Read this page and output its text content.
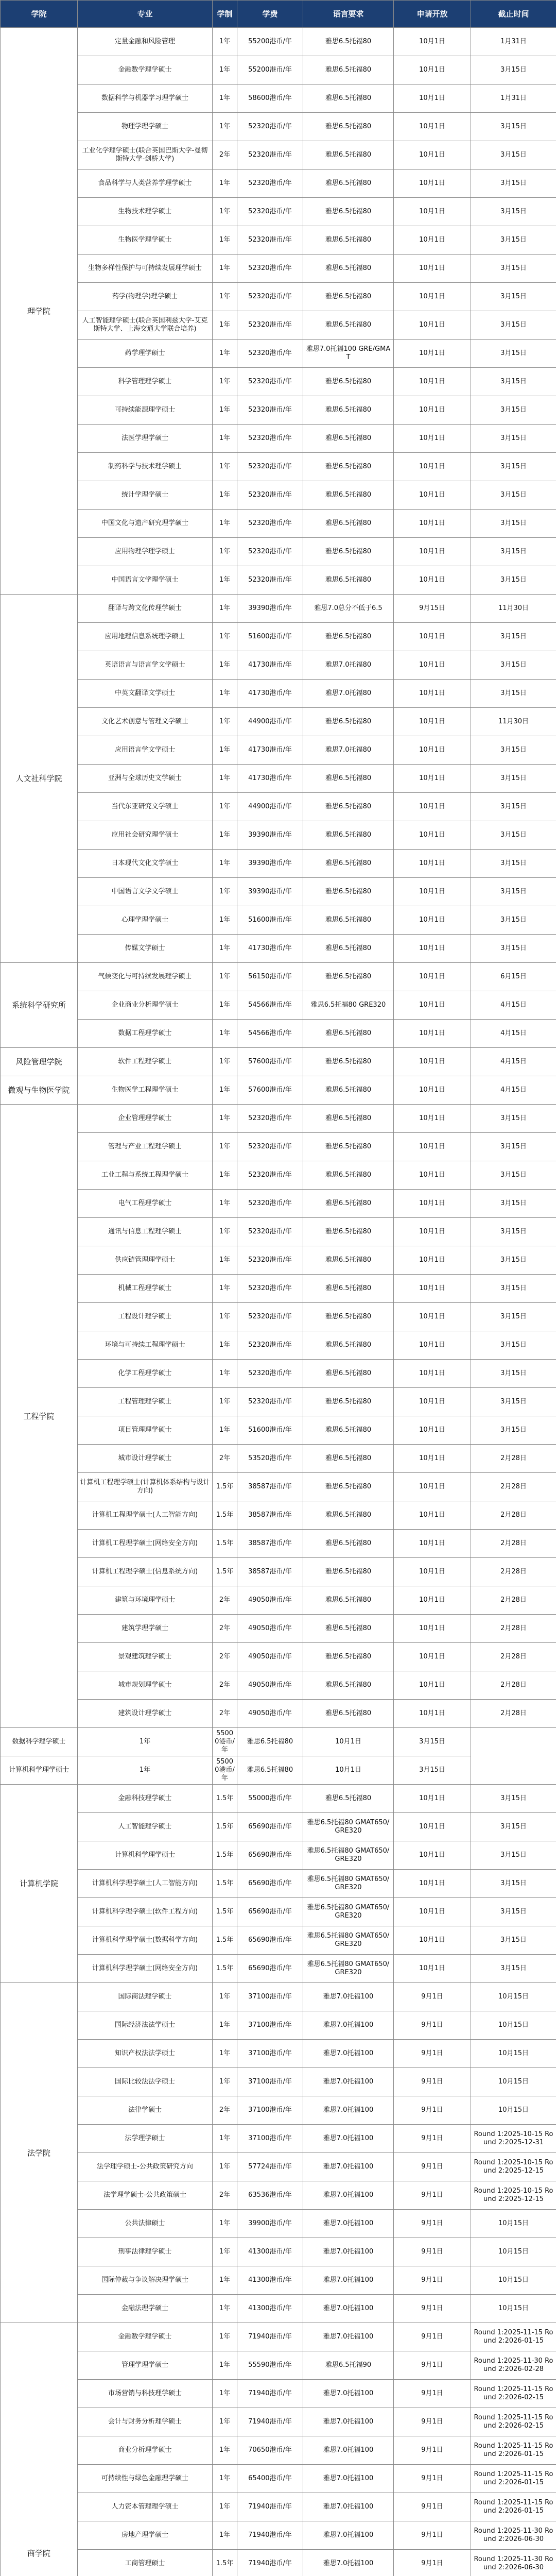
学院	专业	学制	学费	语言要求	申请开放	截止时间
理学院	定量金融和风险管理	1年	55200港币/年	雅思6.5托福80	10月1日	1月31日
	金融数学理学硕士	1年	55200港币/年	雅思6.5托福80	10月1日	3月15日
	数据科学与机器学习理学硕士	1年	58600港币/年	雅思6.5托福80	10月1日	1月31日
	物理学理学硕士	1年	52320港币/年	雅思6.5托福80	10月1日	3月15日
	工业化学理学硕士(联合英国巴斯大学-曼彻斯特大学-剑桥大学)	2年	52320港币/年	雅思6.5托福80	10月1日	3月15日
	食品科学与人类营养学理学硕士	1年	52320港币/年	雅思6.5托福80	10月1日	3月15日
	生物技术理学硕士	1年	52320港币/年	雅思6.5托福80	10月1日	3月15日
	生物医学理学硕士	1年	52320港币/年	雅思6.5托福80	10月1日	3月15日
	生物多样性保护与可持续发展理学硕士	1年	52320港币/年	雅思6.5托福80	10月1日	3月15日
	药学(物理学)理学硕士	1年	52320港币/年	雅思6.5托福80	10月1日	3月15日
	人工智能理学硕士(联合英国利兹大学-艾克斯特大学、上海交通大学联合培养)	1年	52320港币/年	雅思6.5托福80	10月1日	3月15日
	药学理学硕士	1年	52320港币/年	雅思7.0托福100 GRE/GMAT	10月1日	3月15日
	科学管理理学硕士	1年	52320港币/年	雅思6.5托福80	10月1日	3月15日
	可持续能源理学硕士	1年	52320港币/年	雅思6.5托福80	10月1日	3月15日
	法医学理学硕士	1年	52320港币/年	雅思6.5托福80	10月1日	3月15日
	制药科学与技术理学硕士	1年	52320港币/年	雅思6.5托福80	10月1日	3月15日
	统计学理学硕士	1年	52320港币/年	雅思6.5托福80	10月1日	3月15日
	中国文化与遗产研究理学硕士	1年	52320港币/年	雅思6.5托福80	10月1日	3月15日
	应用物理学理学硕士	1年	52320港币/年	雅思6.5托福80	10月1日	3月15日
	中国语言文学理学硕士	1年	52320港币/年	雅思6.5托福80	10月1日	3月15日
人文社科学院	翻译与跨文化传理学硕士	1年	39390港币/年	雅思7.0总分不低于6.5	9月15日	11月30日
	应用地理信息系统理学硕士	1年	51600港币/年	雅思6.5托福80	10月1日	3月15日
	英语语言与语言学文学硕士	1年	41730港币/年	雅思7.0托福80	10月1日	3月15日
	中英文翻译文学硕士	1年	41730港币/年	雅思7.0托福80	10月1日	3月15日
	文化艺术创意与管理文学硕士	1年	44900港币/年	雅思6.5托福80	10月1日	11月30日
	应用语言学文学硕士	1年	41730港币/年	雅思7.0托福80	10月1日	3月15日
	亚洲与全球历史文学硕士	1年	41730港币/年	雅思6.5托福80	10月1日	3月15日
	当代东亚研究文学硕士	1年	44900港币/年	雅思6.5托福80	10月1日	3月15日
	应用社会研究理学硕士	1年	39390港币/年	雅思6.5托福80	10月1日	3月15日
	日本现代文化文学硕士	1年	39390港币/年	雅思6.5托福80	10月1日	3月15日
	中国语言文学文学硕士	1年	39390港币/年	雅思6.5托福80	10月1日	3月15日
	心理学理学硕士	1年	51600港币/年	雅思6.5托福80	10月1日	3月15日
	传媒文学硕士	1年	41730港币/年	雅思6.5托福80	10月1日	3月15日
系统科学研究所	气候变化与可持续发展理学硕士	1年	56150港币/年	雅思6.5托福80	10月1日	6月15日
	企业商业分析理学硕士	1年	54566港币/年	雅思6.5托福80 GRE320	10月1日	4月15日
	数据工程理学硕士	1年	54566港币/年	雅思6.5托福80	10月1日	4月15日
风险管理学院	软件工程理学硕士	1年	57600港币/年	雅思6.5托福80	10月1日	4月15日
微观与生物医学院	生物医学工程理学硕士	1年	57600港币/年	雅思6.5托福80	10月1日	4月15日
工程学院	企业管理理学硕士	1年	52320港币/年	雅思6.5托福80	10月1日	3月15日
	管理与产业工程理学硕士	1年	52320港币/年	雅思6.5托福80	10月1日	3月15日
	工业工程与系统工程理学硕士	1年	52320港币/年	雅思6.5托福80	10月1日	3月15日
	电气工程理学硕士	1年	52320港币/年	雅思6.5托福80	10月1日	3月15日
	通讯与信息工程理学硕士	1年	52320港币/年	雅思6.5托福80	10月1日	3月15日
	供应链管理理学硕士	1年	52320港币/年	雅思6.5托福80	10月1日	3月15日
	机械工程理学硕士	1年	52320港币/年	雅思6.5托福80	10月1日	3月15日
	工程设计理学硕士	1年	52320港币/年	雅思6.5托福80	10月1日	3月15日
	环境与可持续工程理学硕士	1年	52320港币/年	雅思6.5托福80	10月1日	3月15日
	化学工程理学硕士	1年	52320港币/年	雅思6.5托福80	10月1日	3月15日
	工程管理理学硕士	1年	52320港币/年	雅思6.5托福80	10月1日	3月15日
	项目管理理学硕士	1年	51600港币/年	雅思6.5托福80	10月1日	3月15日
	城市设计理学硕士	2年	53520港币/年	雅思6.5托福80	10月1日	2月28日
	计算机工程理学硕士(计算机体系结构与设计方向)	1.5年	38587港币/年	雅思6.5托福80	10月1日	2月28日
	计算机工程理学硕士(人工智能方向)	1.5年	38587港币/年	雅思6.5托福80	10月1日	2月28日
	计算机工程理学硕士(网络安全方向)	1.5年	38587港币/年	雅思6.5托福80	10月1日	2月28日
	计算机工程理学硕士(信息系统方向)	1.5年	38587港币/年	雅思6.5托福80	10月1日	2月28日
	建筑与环境理学硕士	2年	49050港币/年	雅思6.5托福80	10月1日	2月28日
	建筑学理学硕士	2年	49050港币/年	雅思6.5托福80	10月1日	2月28日
	景观建筑理学硕士	2年	49050港币/年	雅思6.5托福80	10月1日	2月28日
	城市规划理学硕士	2年	49050港币/年	雅思6.5托福80	10月1日	2月28日
	建筑设计理学硕士	2年	49050港币/年	雅思6.5托福80	10月1日	2月28日
数据科学理学硕士	1年	55000港币/年	雅思6.5托福80	10月1日	3月15日	
计算机科学理学硕士	1年	55000港币/年	雅思6.5托福80	10月1日	3月15日	
计算机学院	金融科技理学硕士	1.5年	55000港币/年	雅思6.5托福80	10月1日	3月15日
	人工智能理学硕士	1.5年	65690港币/年	雅思6.5托福80 GMAT650/GRE320	10月1日	3月15日
	计算机科学理学硕士	1.5年	65690港币/年	雅思6.5托福80 GMAT650/GRE320	10月1日	3月15日
	计算机科学理学硕士(人工智能方向)	1.5年	65690港币/年	雅思6.5托福80 GMAT650/GRE320	10月1日	3月15日
	计算机科学理学硕士(软件工程方向)	1.5年	65690港币/年	雅思6.5托福80 GMAT650/GRE320	10月1日	3月15日
	计算机科学理学硕士(数据科学方向)	1.5年	65690港币/年	雅思6.5托福80 GMAT650/GRE320	10月1日	3月15日
	计算机科学理学硕士(网络安全方向)	1.5年	65690港币/年	雅思6.5托福80 GMAT650/GRE320	10月1日	3月15日
法学院	国际商法理学硕士	1年	37100港币/年	雅思7.0托福100	9月1日	10月15日
	国际经济法法学硕士	1年	37100港币/年	雅思7.0托福100	9月1日	10月15日
	知识产权法法学硕士	1年	37100港币/年	雅思7.0托福100	9月1日	10月15日
	国际比较法法学硕士	1年	37100港币/年	雅思7.0托福100	9月1日	10月15日
	法律学硕士	2年	37100港币/年	雅思7.0托福100	9月1日	10月15日
	法学理学硕士	1年	37100港币/年	雅思7.0托福100	9月1日	Round 1:2025-10-15 Round 2:2025-12-31
	法学理学硕士-公共政策研究方向	1年	57724港币/年	雅思7.0托福100	9月1日	Round 1:2025-10-15 Round 2:2025-12-15
	法学理学硕士-公共政策硕士	2年	63536港币/年	雅思7.0托福100	9月1日	Round 1:2025-10-15 Round 2:2025-12-15
	公共法律硕士	1年	39900港币/年	雅思7.0托福100	9月1日	10月15日
	刑事法律理学硕士	1年	41300港币/年	雅思7.0托福100	9月1日	10月15日
	国际仲裁与争议解决理学硕士	1年	41300港币/年	雅思7.0托福100	9月1日	10月15日
	金融法理学硕士	1年	41300港币/年	雅思7.0托福100	9月1日	10月15日
商学院	金融数学理学硕士	1年	71940港币/年	雅思7.0托福100	9月1日	Round 1:2025-11-15 Round 2:2026-01-15
	管理学理学硕士	1年	55590港币/年	雅思6.5托福90	9月1日	Round 1:2025-11-30 Round 2:2026-02-28
	市场营销与科技理学硕士	1年	71940港币/年	雅思7.0托福100	9月1日	Round 1:2025-11-15 Round 2:2026-02-15
	会计与财务分析理学硕士	1年	71940港币/年	雅思7.0托福100	9月1日	Round 1:2025-11-15 Round 2:2026-02-15
	商业分析理学硕士	1年	70650港币/年	雅思7.0托福100	9月1日	Round 1:2025-11-15 Round 2:2026-01-15
	可持续性与绿色金融理学硕士	1年	65400港币/年	雅思7.0托福100	9月1日	Round 1:2025-11-15 Round 2:2026-01-15
	人力资本管理理学硕士	1年	71940港币/年	雅思7.0托福100	9月1日	Round 1:2025-11-15 Round 2:2026-01-15
	房地产理学硕士	1年	71940港币/年	雅思7.0托福100	9月1日	Round 1:2025-11-30 Round 2:2026-06-30
	工商管理硕士	1.5年	71940港币/年	雅思7.0托福100	9月1日	Round 1:2025-11-30 Round 2:2026-06-30
